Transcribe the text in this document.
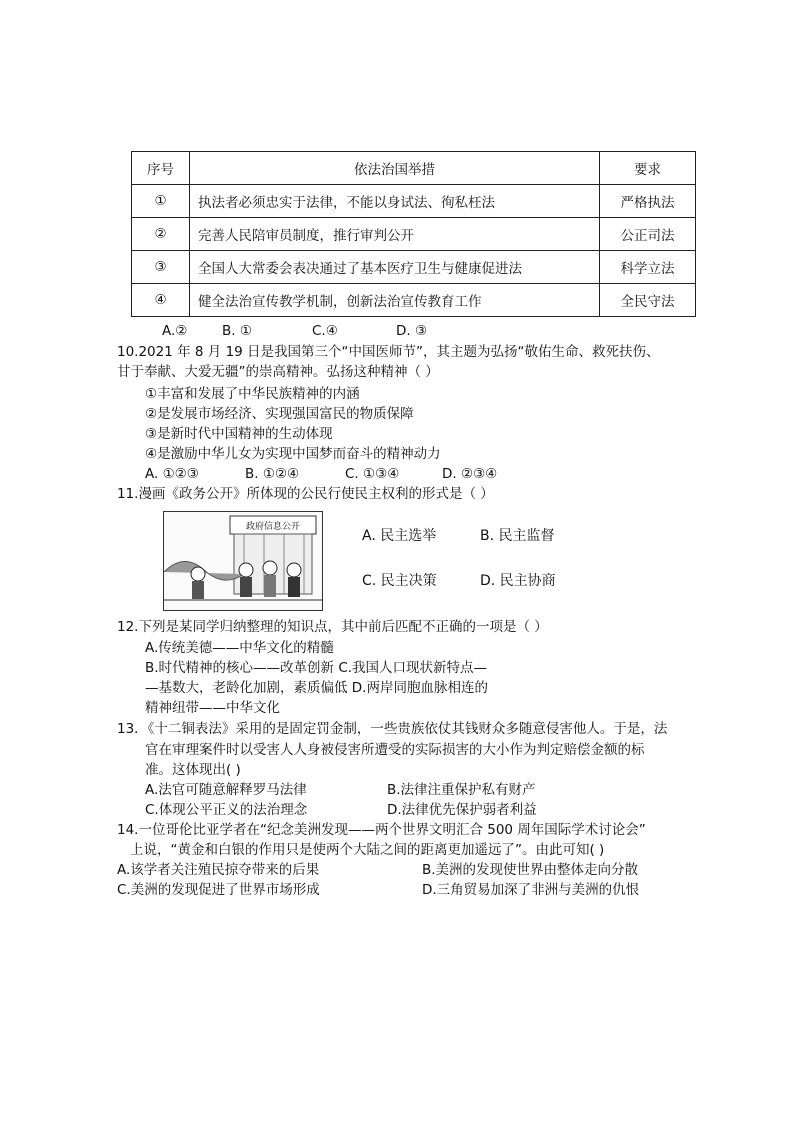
序号	依法治国举措	要求
①	执法者必须忠实于法律，不能以身试法、徇私枉法	严格执法
②	完善人民陪审员制度，推行审判公开	公正司法
③	全国人大常委会表决通过了基本医疗卫生与健康促进法	科学立法
④	健全法治宣传教学机制，创新法治宣传教育工作	全民守法
A.②	B. ①	C.④	D. ③
10.2021 年 8 月 19 日是我国第三个“中国医师节”，其主题为弘扬“敬佑生命、救死扶伤、
甘于奉献、大爱无疆”的崇高精神。弘扬这种精神（ ）
①丰富和发展了中华民族精神的内涵
②是发展市场经济、实现强国富民的物质保障
③是新时代中国精神的生动体现
④是激励中华儿女为实现中国梦而奋斗的精神动力
A. ①②③	B. ①②④	C. ①③④	D. ②③④
11.漫画《政务公开》所体现的公民行使民主权利的形式是（ ）
政府信息公开
A. 民主选举	B. 民主监督
C. 民主决策	D. 民主协商
12.下列是某同学归纳整理的知识点，其中前后匹配不正确的一项是（ ）
A.传统美德——中华文化的精髓
B.时代精神的核心——改革创新 C.我国人口现状新特点—
—基数大，老龄化加剧，素质偏低 D.两岸同胞血脉相连的
精神纽带——中华文化
13．《十二铜表法》采用的是固定罚金制，一些贵族依仗其钱财众多随意侵害他人。于是，法
官在审理案件时以受害人人身被侵害所遭受的实际损害的大小作为判定赔偿金额的标
准。这体现出( )
A.法官可随意解释罗马法律	B.法律注重保护私有财产
C.体现公平正义的法治理念	D.法律优先保护弱者利益
14.一位哥伦比亚学者在“纪念美洲发现——两个世界文明汇合 500 周年国际学术讨论会”
上说，“黄金和白银的作用只是使两个大陆之间的距离更加遥远了”。由此可知( )
A.该学者关注殖民掠夺带来的后果	B.美洲的发现使世界由整体走向分散
C.美洲的发现促进了世界市场形成	D.三角贸易加深了非洲与美洲的仇恨
